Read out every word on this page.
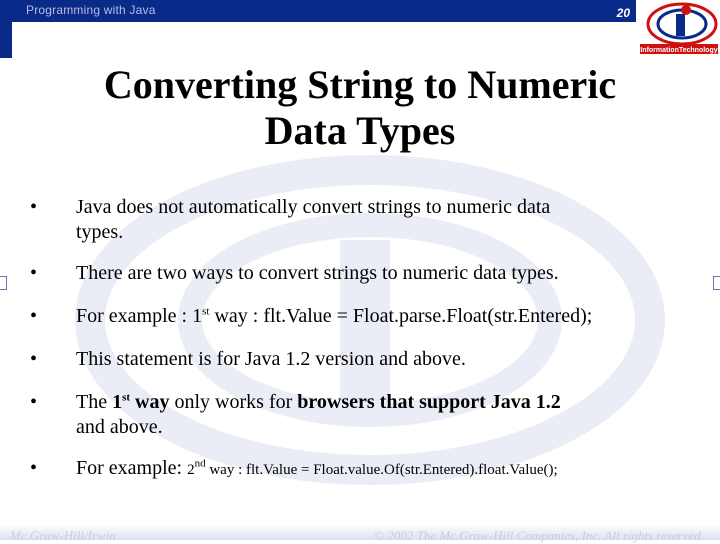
Programming with Java	20
InformationTechnology
Converting String to Numeric
Data Types
• Java does not automatically convert strings to numeric data
types.
• There are two ways to convert strings to numeric data types.
• For example : 1st way : flt.Value = Float.parse.Float(str.Entered);
• This statement is for Java 1.2 version and above.
• The 1st way only works for browsers that support Java 1.2
and above.
• For example: 2nd way : flt.Value = Float.value.Of(str.Entered).float.Value();
Mc.Graw-Hill/Irwin	© 2002 The Mc.Graw-Hill Companies, Inc. All rights reserved.
